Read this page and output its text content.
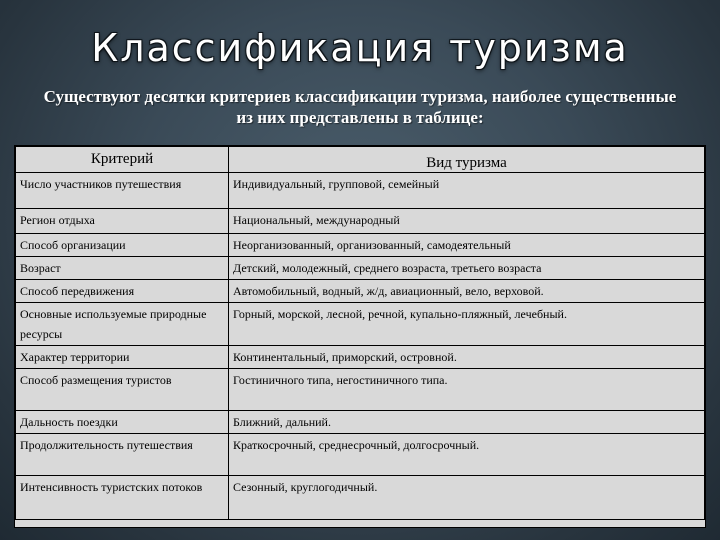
Классификация туризма
Существуют десятки критериев классификации туризма, наиболее существенные из них представлены в таблице:
Критерий	Вид туризма
Число участников путешествия	Индивидуальный, групповой, семейный
Регион отдыха	Национальный, международный
Способ организации	Неорганизованный, организованный, самодеятельный
Возраст	Детский, молодежный, среднего возраста, третьего возраста
Способ передвижения	Автомобильный, водный, ж/д, авиационный, вело, верховой.
Основные используемые природные ресурсы	Горный, морской, лесной, речной, купально-пляжный, лечебный.
Характер территории	Континентальный, приморский, островной.
Способ размещения туристов	Гостиничного типа, негостиничного типа.
Дальность поездки	Ближний, дальний.
Продолжительность путешествия	Краткосрочный, среднесрочный, долгосрочный.
Интенсивность туристских потоков	Сезонный, круглогодичный.
